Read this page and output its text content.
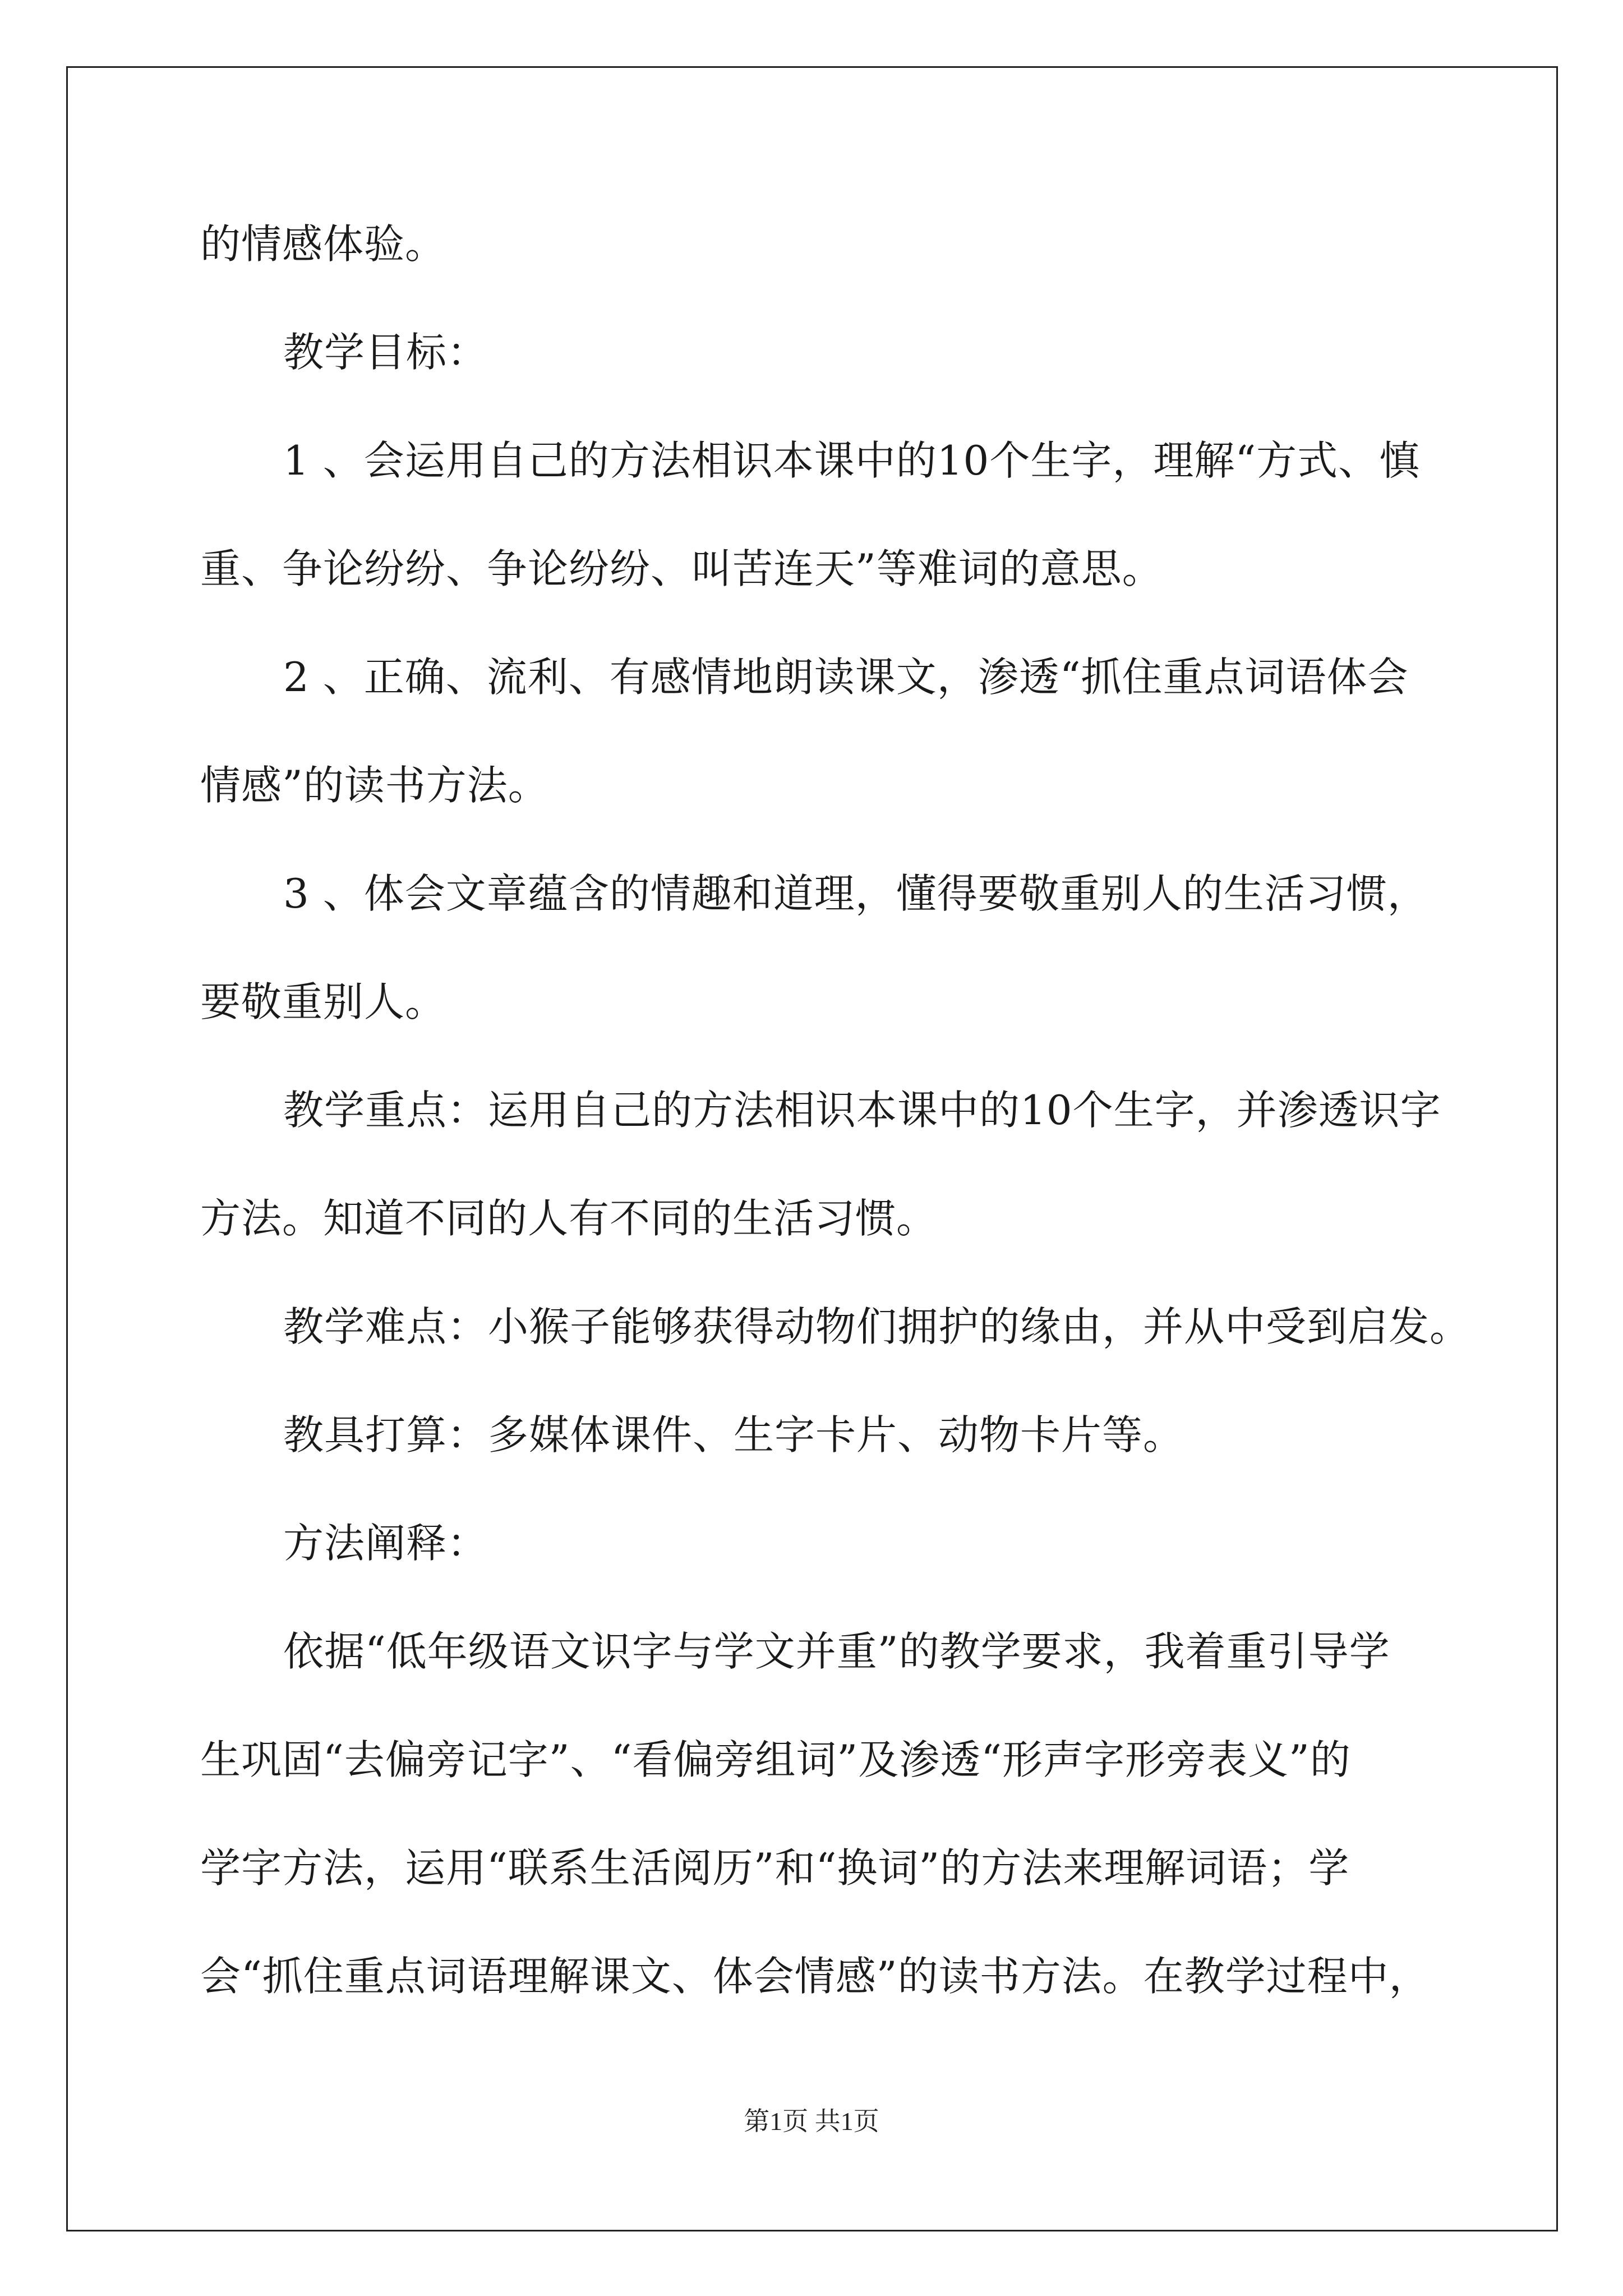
的情感体验。
教学目标：
1 、会运用自己的方法相识本课中的10个生字，理解“方式、慎
重、争论纷纷、争论纷纷、叫苦连天”等难词的意思。
2 、正确、流利、有感情地朗读课文，渗透“抓住重点词语体会
情感”的读书方法。
3 、体会文章蕴含的情趣和道理，懂得要敬重别人的生活习惯，
要敬重别人。
教学重点：运用自己的方法相识本课中的10个生字，并渗透识字
方法。知道不同的人有不同的生活习惯。
教学难点：小猴子能够获得动物们拥护的缘由，并从中受到启发。
教具打算：多媒体课件、生字卡片、动物卡片等。
方法阐释：
依据“低年级语文识字与学文并重”的教学要求，我着重引导学
生巩固“去偏旁记字”、“看偏旁组词”及渗透“形声字形旁表义”的
学字方法，运用“联系生活阅历”和“换词”的方法来理解词语；学
会“抓住重点词语理解课文、体会情感”的读书方法。在教学过程中，
第1页 共1页
